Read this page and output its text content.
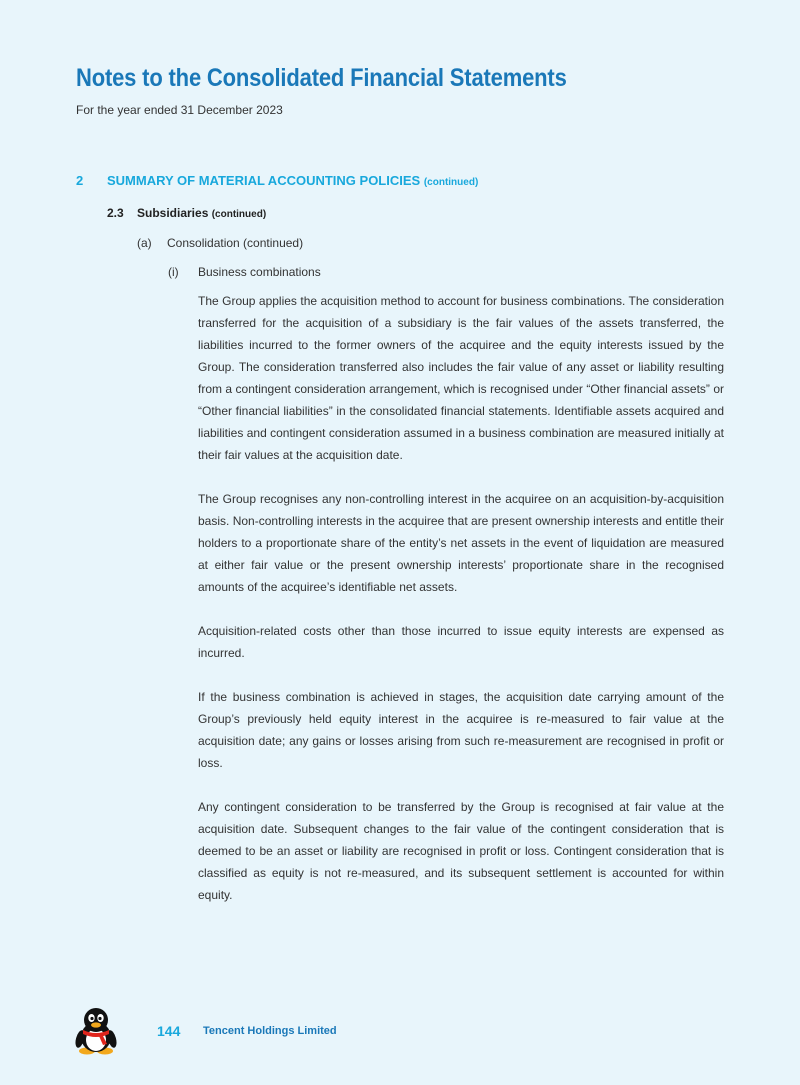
Notes to the Consolidated Financial Statements
For the year ended 31 December 2023
2 SUMMARY OF MATERIAL ACCOUNTING POLICIES (continued)
2.3 Subsidiaries (continued)
(a) Consolidation (continued)
(i) Business combinations

The Group applies the acquisition method to account for business combinations. The consideration transferred for the acquisition of a subsidiary is the fair values of the assets transferred, the liabilities incurred to the former owners of the acquiree and the equity interests issued by the Group. The consideration transferred also includes the fair value of any asset or liability resulting from a contingent consideration arrangement, which is recognised under “Other financial assets” or “Other financial liabilities” in the consolidated financial statements. Identifiable assets acquired and liabilities and contingent consideration assumed in a business combination are measured initially at their fair values at the acquisition date.

The Group recognises any non-controlling interest in the acquiree on an acquisition-by-acquisition basis. Non-controlling interests in the acquiree that are present ownership interests and entitle their holders to a proportionate share of the entity’s net assets in the event of liquidation are measured at either fair value or the present ownership interests’ proportionate share in the recognised amounts of the acquiree’s identifiable net assets.

Acquisition-related costs other than those incurred to issue equity interests are expensed as incurred.

If the business combination is achieved in stages, the acquisition date carrying amount of the Group’s previously held equity interest in the acquiree is re-measured to fair value at the acquisition date; any gains or losses arising from such re-measurement are recognised in profit or loss.

Any contingent consideration to be transferred by the Group is recognised at fair value at the acquisition date. Subsequent changes to the fair value of the contingent consideration that is deemed to be an asset or liability are recognised in profit or loss. Contingent consideration that is classified as equity is not re-measured, and its subsequent settlement is accounted for within equity.

144 Tencent Holdings Limited
